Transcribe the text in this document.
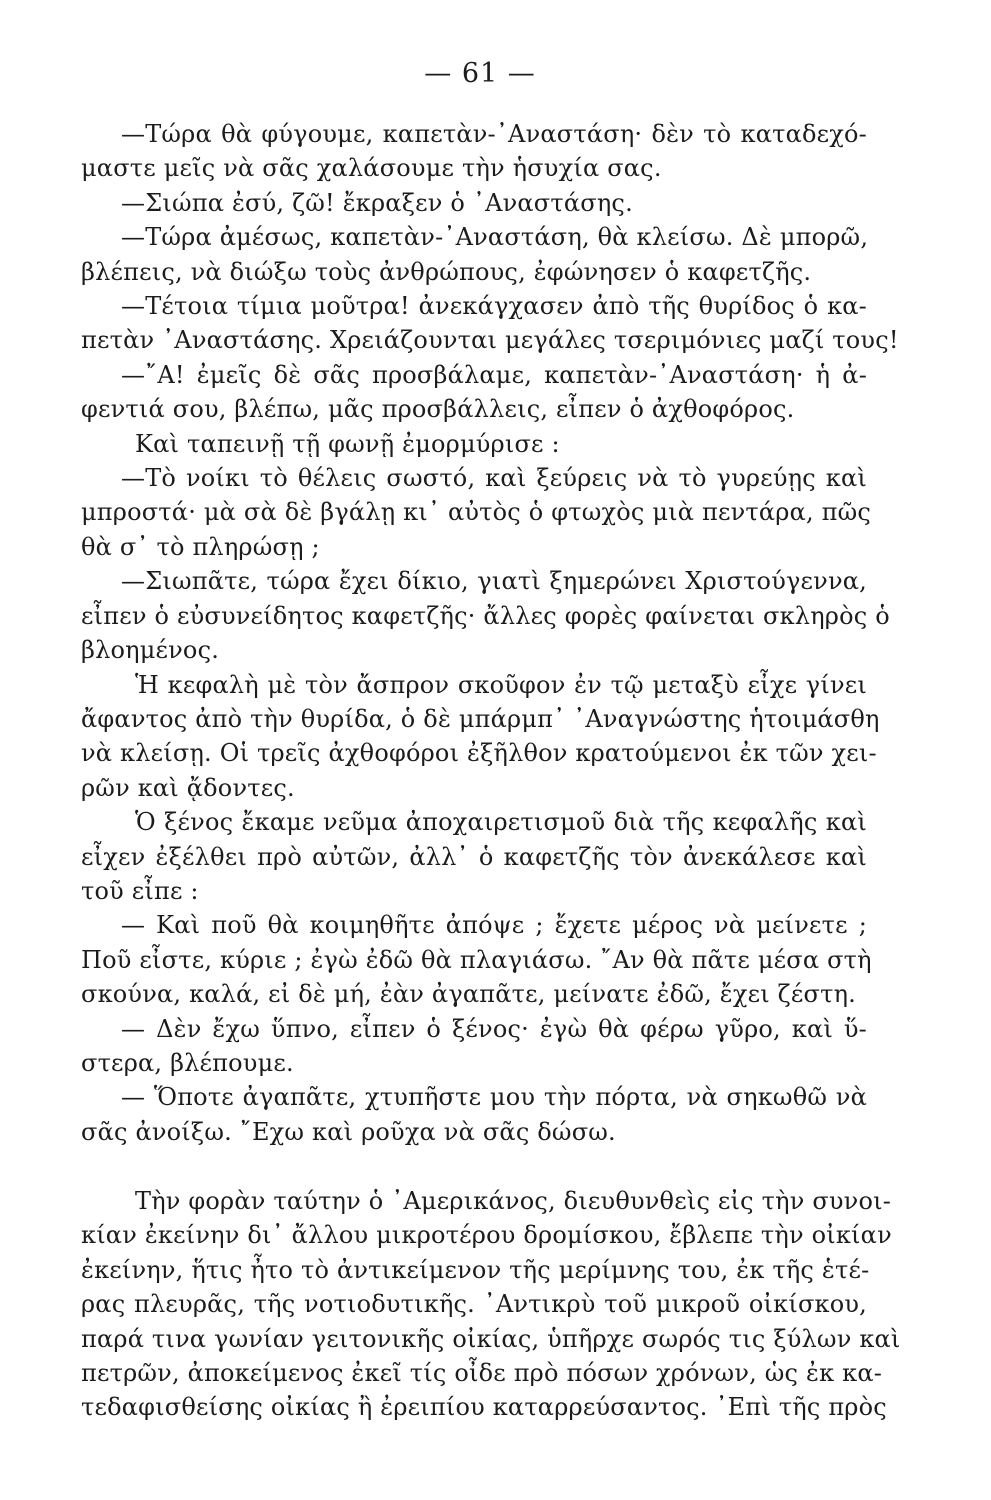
— 61 —
—Τώρα θὰ φύγουμε, καπετὰν-᾿Αναστάση· δὲν τὸ καταδεχό-
μαστε μεῖς νὰ σᾶς χαλάσουμε τὴν ἡσυχία σας.
—Σιώπα ἐσύ, ζῶ! ἔκραξεν ὁ ᾿Αναστάσης.
—Τώρα ἀμέσως, καπετὰν-᾿Αναστάση, θὰ κλείσω. Δὲ μπορῶ,
βλέπεις, νὰ διώξω τοὺς ἀνθρώπους, ἐφώνησεν ὁ καφετζῆς.
—Τέτοια τίμια μοῦτρα! ἀνεκάγχασεν ἀπὸ τῆς θυρίδος ὁ κα-
πετὰν ᾿Αναστάσης. Χρειάζουνται μεγάλες τσεριμόνιες μαζί τους!
—῎Α! ἐμεῖς δὲ σᾶς προσβάλαμε, καπετὰν-᾿Αναστάση· ἡ ἀ-
φεντιά σου, βλέπω, μᾶς προσβάλλεις, εἶπεν ὁ ἀχθοφόρος.
Καὶ ταπεινῇ τῇ φωνῇ ἐμορμύρισε :
—Τὸ νοίκι τὸ θέλεις σωστό, καὶ ξεύρεις νὰ τὸ γυρεύῃς καὶ
μπροστά· μὰ σὰ δὲ βγάλῃ κι᾿ αὐτὸς ὁ φτωχὸς μιὰ πεντάρα, πῶς
θὰ σ᾿ τὸ πληρώσῃ ;
—Σιωπᾶτε, τώρα ἔχει δίκιο, γιατὶ ξημερώνει Χριστούγεννα,
εἶπεν ὁ εὐσυνείδητος καφετζῆς· ἄλλες φορὲς φαίνεται σκληρὸς ὁ
βλοημένος.
Ἡ κεφαλὴ μὲ τὸν ἄσπρον σκοῦφον ἐν τῷ μεταξὺ εἶχε γίνει
ἄφαντος ἀπὸ τὴν θυρίδα, ὁ δὲ μπάρμπ᾿ ᾿Αναγνώστης ἡτοιμάσθη
νὰ κλείσῃ. Οἱ τρεῖς ἀχθοφόροι ἐξῆλθον κρατούμενοι ἐκ τῶν χει-
ρῶν καὶ ᾄδοντες.
Ὁ ξένος ἔκαμε νεῦμα ἀποχαιρετισμοῦ διὰ τῆς κεφαλῆς καὶ
εἶχεν ἐξέλθει πρὸ αὐτῶν, ἀλλ᾿ ὁ καφετζῆς τὸν ἀνεκάλεσε καὶ
τοῦ εἶπε :
— Καὶ ποῦ θὰ κοιμηθῆτε ἀπόψε ; ἔχετε μέρος νὰ μείνετε ;
Ποῦ εἶστε, κύριε ; ἐγὼ ἐδῶ θὰ πλαγιάσω. ῎Αν θὰ πᾶτε μέσα στὴ
σκούνα, καλά, εἰ δὲ μή, ἐὰν ἀγαπᾶτε, μείνατε ἐδῶ, ἔχει ζέστη.
— Δὲν ἔχω ὕπνο, εἶπεν ὁ ξένος· ἐγὼ θὰ φέρω γῦρο, καὶ ὕ-
στερα, βλέπουμε.
— Ὅποτε ἀγαπᾶτε, χτυπῆστε μου τὴν πόρτα, νὰ σηκωθῶ νὰ
σᾶς ἀνοίξω. ῎Εχω καὶ ροῦχα νὰ σᾶς δώσω.
Τὴν φορὰν ταύτην ὁ ᾿Αμερικάνος, διευθυνθεὶς εἰς τὴν συνοι-
κίαν ἐκείνην δι᾿ ἄλλου μικροτέρου δρομίσκου, ἔβλεπε τὴν οἰκίαν
ἐκείνην, ἥτις ἦτο τὸ ἀντικείμενον τῆς μερίμνης του, ἐκ τῆς ἑτέ-
ρας πλευρᾶς, τῆς νοτιοδυτικῆς. ᾿Αντικρὺ τοῦ μικροῦ οἰκίσκου,
παρά τινα γωνίαν γειτονικῆς οἰκίας, ὑπῆρχε σωρός τις ξύλων καὶ
πετρῶν, ἀποκείμενος ἐκεῖ τίς οἶδε πρὸ πόσων χρόνων, ὡς ἐκ κα-
τεδαφισθείσης οἰκίας ἢ ἐρειπίου καταρρεύσαντος. ᾿Επὶ τῆς πρὸς
